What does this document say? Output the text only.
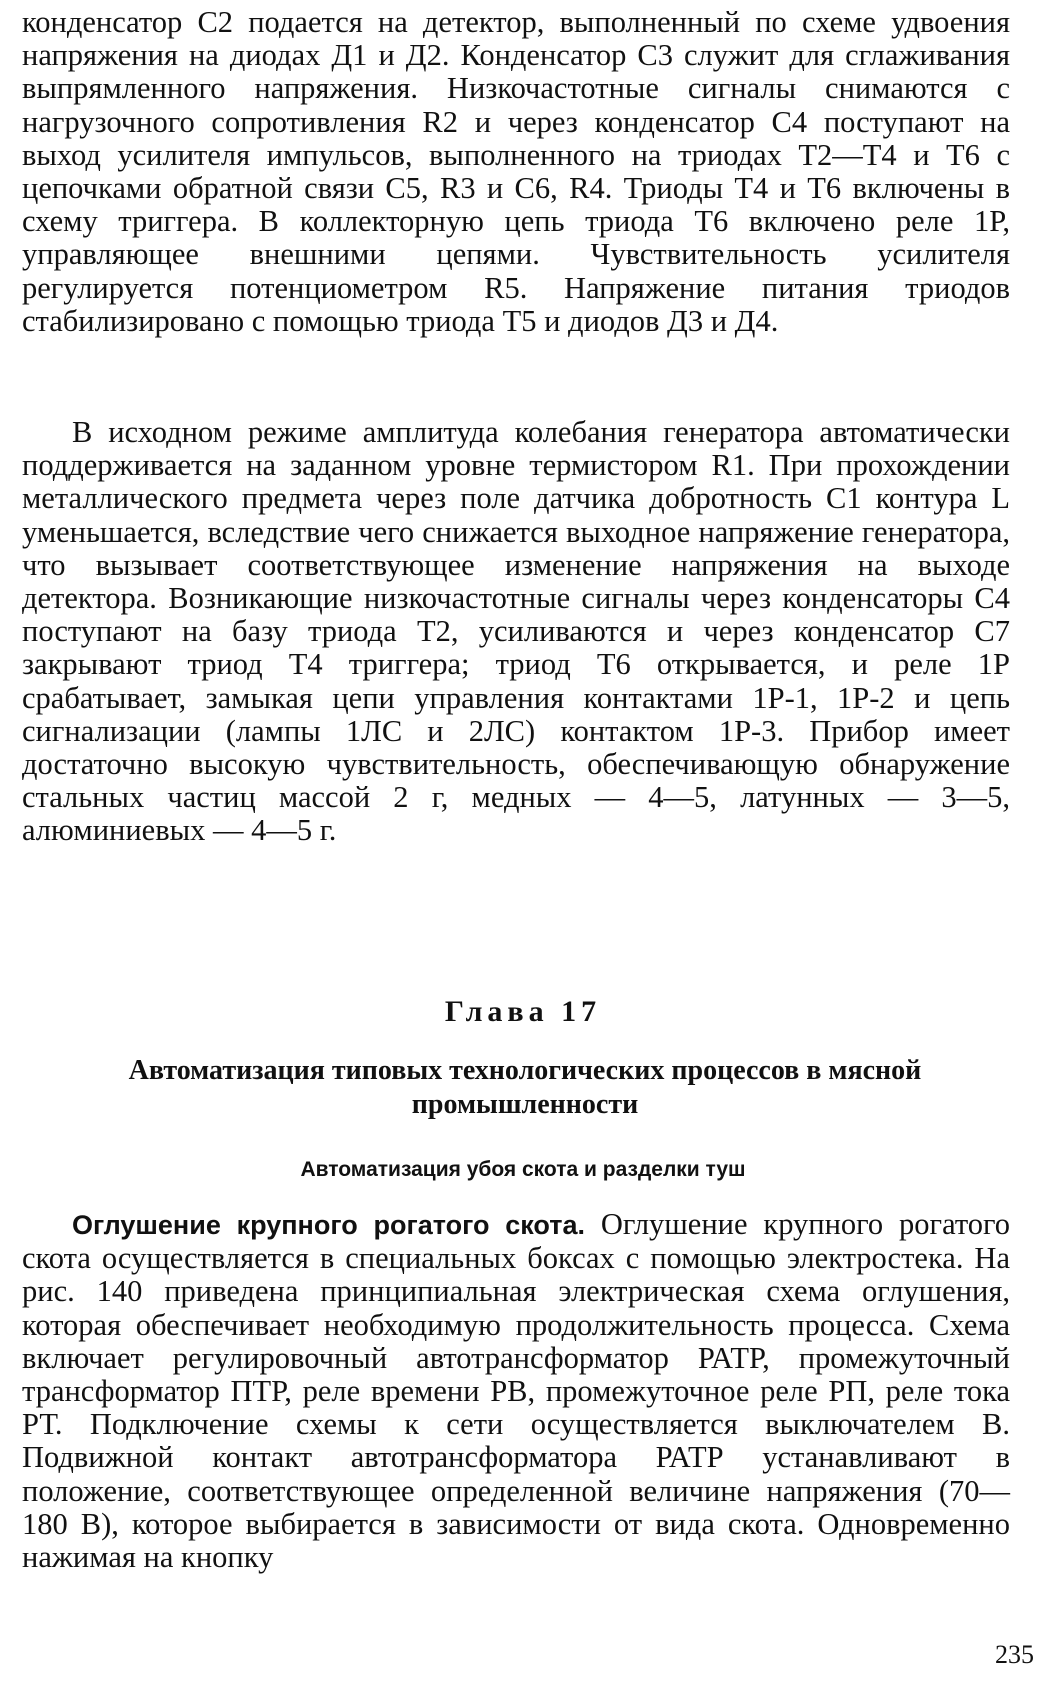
конденсатор C2 подается на детектор, выполненный по схеме удвоения напряжения на диодах Д1 и Д2. Конденсатор С3 служит для сглаживания выпрямленного напряжения. Низкочастотные сигналы снимаются с нагрузочного сопротивления R2 и через конденсатор С4 поступают на выход усилителя импульсов, выполненного на триодах Т2—Т4 и Т6 с цепочками обратной связи С5, R3 и С6, R4. Триоды Т4 и Т6 включены в схему триггера. В коллекторную цепь триода Т6 включено реле 1Р, управляющее внешними цепями. Чувствительность усилителя регулируется потенциометром R5. Напряжение питания триодов стабилизировано с помощью триода Т5 и диодов Д3 и Д4.

В исходном режиме амплитуда колебания генератора автоматически поддерживается на заданном уровне термистором R1. При прохождении металлического предмета через поле датчика добротность С1 контура L уменьшается, вследствие чего снижается выходное напряжение генератора, что вызывает соответствующее изменение напряжения на выходе детектора. Возникающие низкочастотные сигналы через конденсаторы С4 поступают на базу триода Т2, усиливаются и через конденсатор С7 закрывают триод Т4 триггера; триод Т6 открывается, и реле 1Р срабатывает, замыкая цепи управления контактами 1Р-1, 1Р-2 и цепь сигнализации (лампы 1ЛС и 2ЛС) контактом 1Р-3. Прибор имеет достаточно высокую чувствительность, обеспечивающую обнаружение стальных частиц массой 2 г, медных — 4—5, латунных — 3—5, алюминиевых — 4—5 г.

Глава 17
Автоматизация типовых технологических процессов в мясной промышленности
Автоматизация убоя скота и разделки туш

Оглушение крупного рогатого скота. Оглушение крупного рогатого скота осуществляется в специальных боксах с помощью электростека. На рис. 140 приведена принципиальная электрическая схема оглушения, которая обеспечивает необходимую продолжительность процесса. Схема включает регулировочный автотрансформатор РАТР, промежуточный трансформатор ПТР, реле времени РВ, промежуточное реле РП, реле тока РТ. Подключение схемы к сети осуществляется выключателем В. Подвижной контакт автотрансформатора РАТР устанавливают в положение, соответствующее определенной величине напряжения (70—180 В), которое выбирается в зависимости от вида скота. Одновременно нажимая на кнопку

235
